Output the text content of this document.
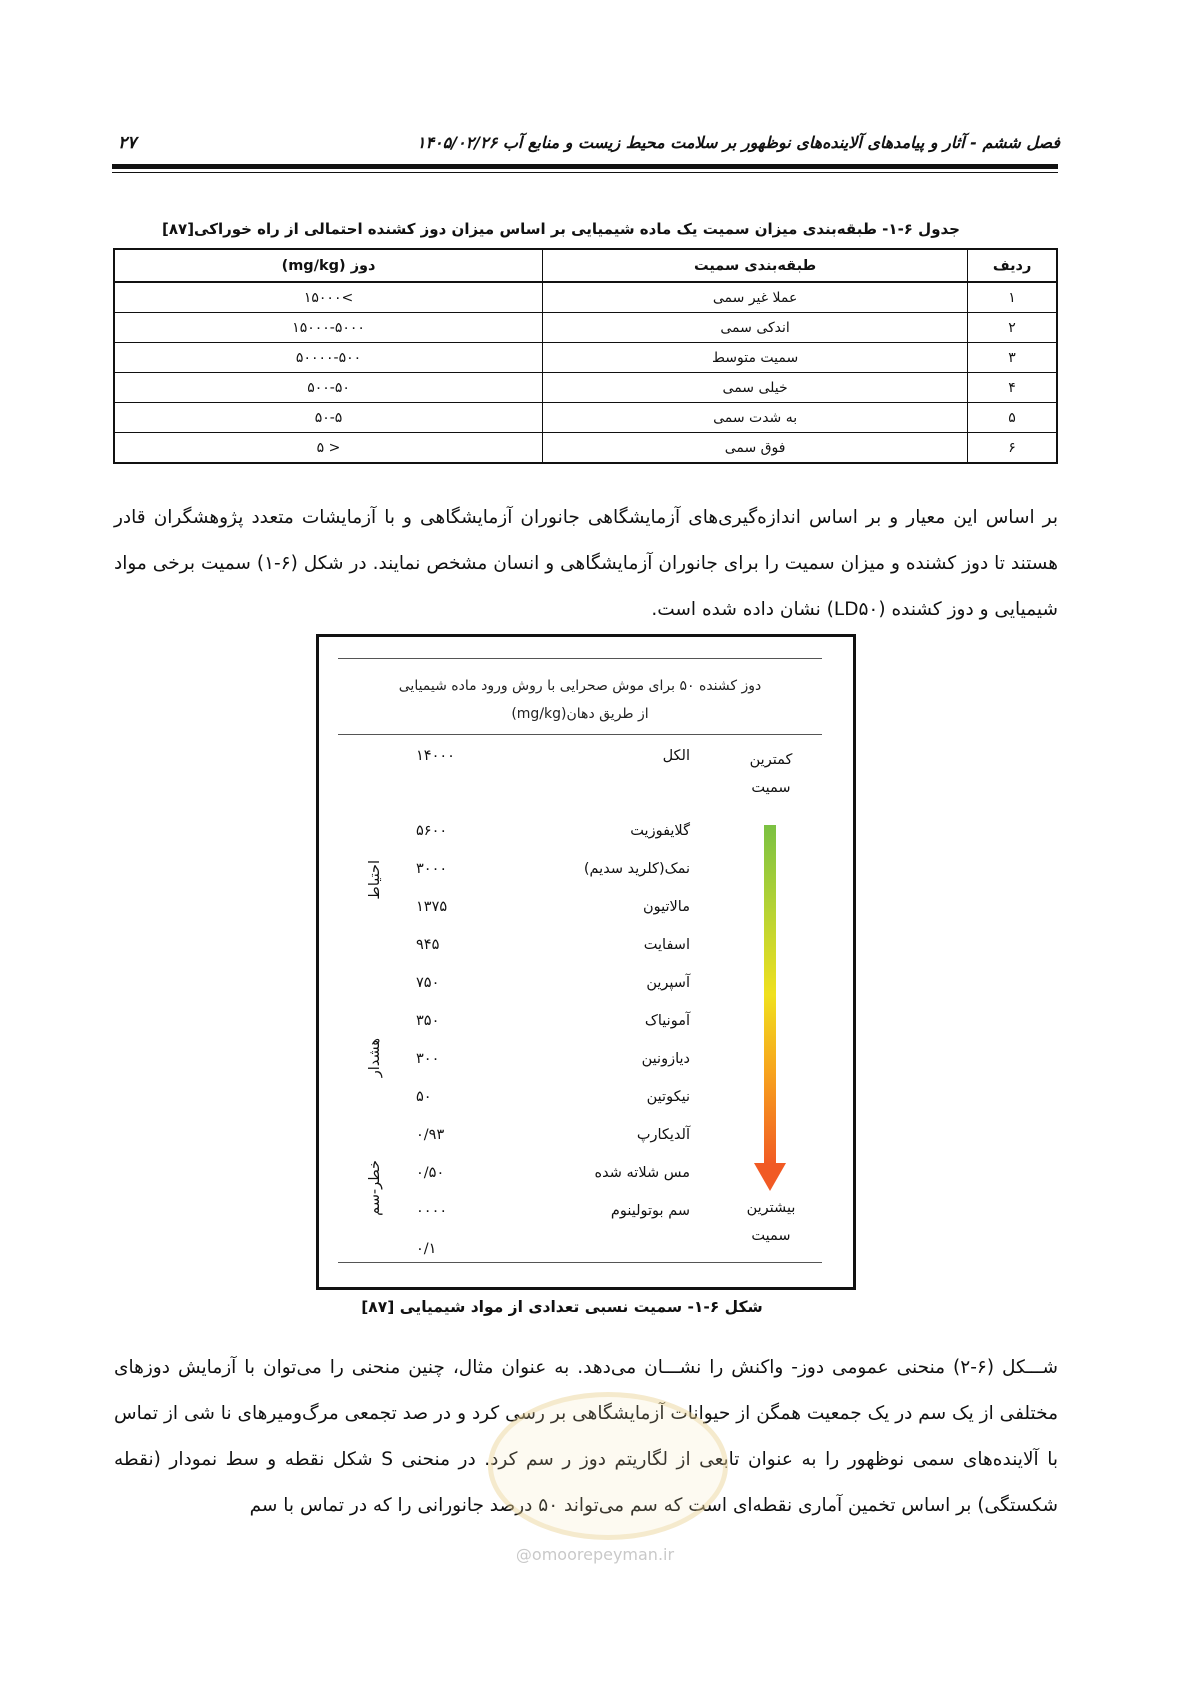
فصل ششم - آثار و پیامدهای آلاینده‌های نوظهور بر سلامت محیط زیست و منابع آب ۱۴۰۵/۰۲/۲۶
۲۷
جدول ۶-۱- طبقه‌بندی میزان سمیت یک ماده شیمیایی بر اساس میزان دوز کشنده احتمالی از راه خوراکی[۸۷]
ردیف	طبقه‌بندی سمیت	دوز (mg/kg)
۱	عملا غیر سمی	>۱۵۰۰۰
۲	اندکی سمی	۱۵۰۰۰-۵۰۰۰
۳	سمیت متوسط	۵۰۰۰۰-۵۰۰
۴	خیلی سمی	۵۰۰-۵۰
۵	به شدت سمی	۵۰-۵
۶	فوق سمی	< ۵
بر اساس این معیار و بر اساس اندازه‌گیری‌های آزمایشگاهی جانوران آزمایشگاهی و با آزمایشات متعدد پژوهشگران قادر هستند تا دوز کشنده و میزان سمیت را برای جانوران آزمایشگاهی و انسان مشخص نمایند. در شکل (۶-۱) سمیت برخی مواد شیمیایی و دوز کشنده (LD۵۰) نشان داده شده است.
دوز کشنده ۵۰ برای موش صحرایی با روش ورود ماده شیمیایی
از طریق دهان(mg/kg)
کمترین سمیت
بیشترین سمیت
احتیاط
هشدار
خطر-سم
الکل
۱۴۰۰۰
گلایفوزیت
۵۶۰۰
نمک(کلرید سدیم)
۳۰۰۰
مالاتیون
۱۳۷۵
اسفایت
۹۴۵
آسپرین
۷۵۰
آمونیاک
۳۵۰
دیازونین
۳۰۰
نیکوتین
۵۰
آلدیکارپ
۰/۹۳
مس شلاته شده
۰/۵۰
سم بوتولینوم
۰۰۰۰
۰/۱
شکل ۶-۱- سمیت نسبی تعدادی از مواد شیمیایی [۸۷]
شـــکل (۶-۲) منحنی عمومی دوز- واکنش را نشـــان می‌دهد. به عنوان مثال، چنین منحنی را می‌توان با آزمایش دوزهای مختلفی از یک سم در یک جمعیت همگن از حیوانات آزمایشگاهی بر رسی کرد و در صد تجمعی مرگ‌ومیرهای نا شی از تماس با آلاینده‌های سمی نوظهور را به عنوان تابعی از لگاریتم دوز ر سم کرد. در منحنی S شکل نقطه و سط نمودار (نقطه شکستگی) بر اساس تخمین آماری نقطه‌ای است که سم می‌تواند ۵۰ درصد جانورانی را که در تماس با سم
@omoorepeyman.ir
